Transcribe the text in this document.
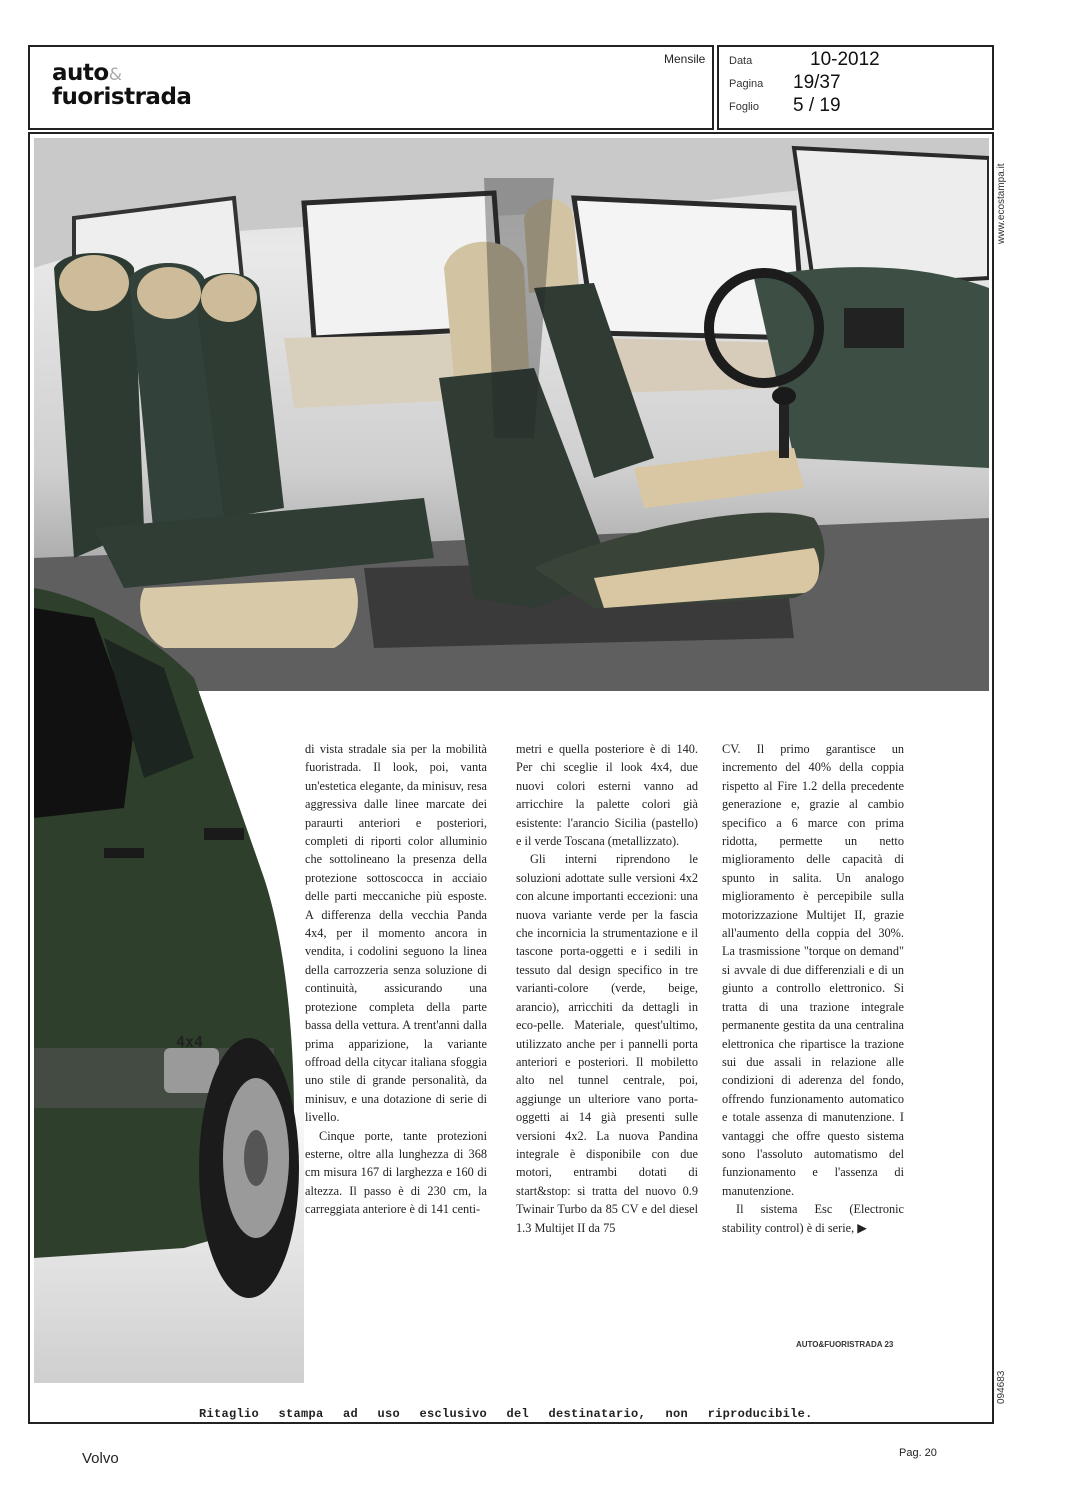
auto&
fuoristrada
Mensile Data	10-2012
Pagina 19/37
Foglio 5 / 19
4x4

di vista stradale sia per la mobilità fuoristrada. Il look, poi, vanta un'estetica elegante, da minisuv, resa aggressiva dalle linee marcate dei paraurti anteriori e posteriori, completi di riporti color alluminio che sottolineano la presenza della protezione sottoscocca in acciaio delle parti meccaniche più esposte. A differenza della vecchia Panda 4x4, per il momento ancora in vendita, i codolini seguono la linea della carrozzeria senza soluzione di continuità, assicurando una protezione completa della parte bassa della vettura. A trent'anni dalla prima apparizione, la variante offroad della citycar italiana sfoggia uno stile di grande personalità, da minisuv, e una dotazione di serie di livello.

Cinque porte, tante protezioni esterne, oltre alla lunghezza di 368 cm misura 167 di larghezza e 160 di altezza. Il passo è di 230 cm, la carreggiata anteriore è di 141 centi-

metri e quella posteriore è di 140. Per chi sceglie il look 4x4, due nuovi colori esterni vanno ad arricchire la palette colori già esistente: l'arancio Sicilia (pastello) e il verde Toscana (metallizzato).

Gli interni riprendono le soluzioni adottate sulle versioni 4x2 con alcune importanti eccezioni: una nuova variante verde per la fascia che incornicia la strumentazione e il tascone porta-oggetti e i sedili in tessuto dal design specifico in tre varianti-colore (verde, beige, arancio), arricchiti da dettagli in eco-pelle. Materiale, quest'ultimo, utilizzato anche per i pannelli porta anteriori e posteriori. Il mobiletto alto nel tunnel centrale, poi, aggiunge un ulteriore vano porta-oggetti ai 14 già presenti sulle versioni 4x2. La nuova Pandina integrale è disponibile con due motori, entrambi dotati di start&stop: si tratta del nuovo 0.9 Twinair Turbo da 85 CV e del diesel 1.3 Multijet II da 75

CV. Il primo garantisce un incremento del 40% della coppia rispetto al Fire 1.2 della precedente generazione e, grazie al cambio specifico a 6 marce con prima ridotta, permette un netto miglioramento delle capacità di spunto in salita. Un analogo miglioramento è percepibile sulla motorizzazione Multijet II, grazie all'aumento della coppia del 30%. La trasmissione "torque on demand" si avvale di due differenziali e di un giunto a controllo elettronico. Si tratta di una trazione integrale permanente gestita da una centralina elettronica che ripartisce la trazione sui due assali in relazione alle condizioni di aderenza del fondo, offrendo funzionamento automatico e totale assenza di manutenzione. I vantaggi che offre questo sistema sono l'assoluto automatismo del funzionamento e l'assenza di manutenzione.

Il sistema Esc (Electronic stability control) è di serie, ▶

AUTO&FUORISTRADA 23
www.ecostampa.it
094683
Ritaglio stampa ad uso esclusivo del destinatario, non riproducibile.
Volvo	Pag. 20
